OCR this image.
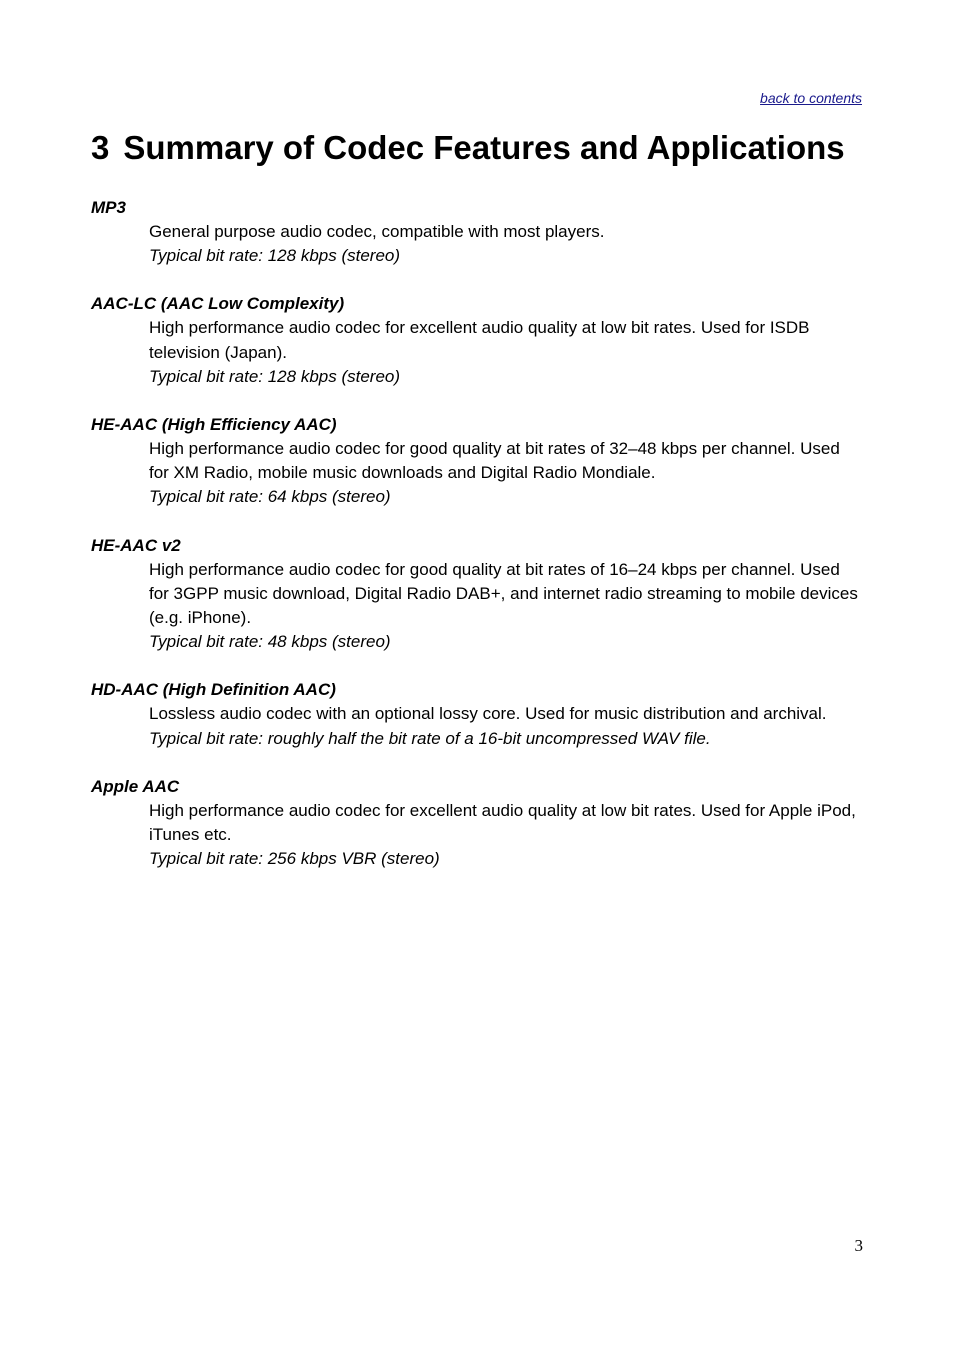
back to contents
3 Summary of Codec Features and Applications

MP3

General purpose audio codec, compatible with most players.

Typical bit rate: 128 kbps (stereo)

AAC-LC (AAC Low Complexity)

High performance audio codec for excellent audio quality at low bit rates. Used for ISDB television (Japan).

Typical bit rate: 128 kbps (stereo)

HE-AAC (High Efficiency AAC)

High performance audio codec for good quality at bit rates of 32–48 kbps per channel. Used for XM Radio, mobile music downloads and Digital Radio Mondiale.

Typical bit rate: 64 kbps (stereo)

HE-AAC v2

High performance audio codec for good quality at bit rates of 16–24 kbps per channel. Used for 3GPP music download, Digital Radio DAB+, and internet radio streaming to mobile devices (e.g. iPhone).

Typical bit rate: 48 kbps (stereo)

HD-AAC (High Definition AAC)

Lossless audio codec with an optional lossy core. Used for music distribution and archival.

Typical bit rate: roughly half the bit rate of a 16-bit uncompressed WAV file.

Apple AAC

High performance audio codec for excellent audio quality at low bit rates. Used for Apple iPod, iTunes etc.

Typical bit rate: 256 kbps VBR (stereo)

3
